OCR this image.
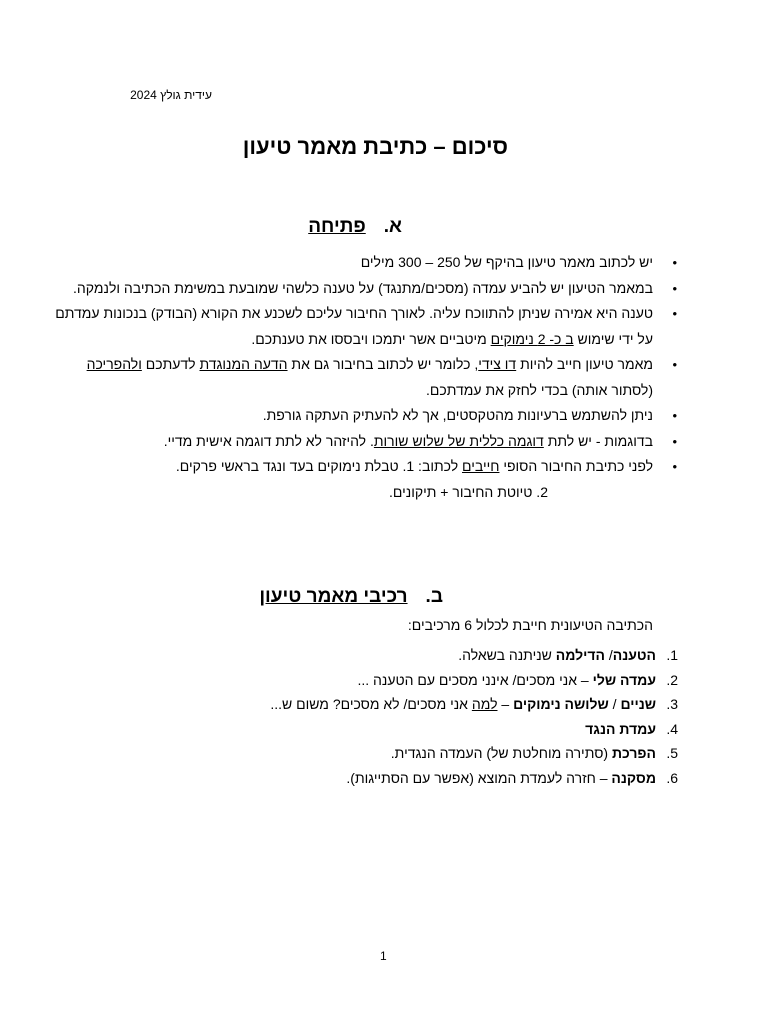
עידית גולץ 2024
סיכום – כתיבת מאמר טיעון
א.פתיחה
• יש לכתוב מאמר טיעון בהיקף של 250 – 300 מילים
• במאמר הטיעון יש להביע עמדה (מסכים/מתנגד) על טענה כלשהי שמובעת במשימת הכתיבה ולנמקה.
• טענה היא אמירה שניתן להתווכח עליה. לאורך החיבור עליכם לשכנע את הקורא (הבודק) בנכונות עמדתם על ידי שימוש ב כ- 2 נימוקים מיטביים אשר יתמכו ויבססו את טענתכם.
• מאמר טיעון חייב להיות דו צידי, כלומר יש לכתוב בחיבור גם את הדעה המנוגדת לדעתכם ולהפריכה (לסתור אותה) בכדי לחזק את עמדתכם.
• ניתן להשתמש ברעיונות מהטקסטים, אך לא להעתיק העתקה גורפת.
• בדוגמות - יש לתת דוגמה כללית של שלוש שורות. להיזהר לא לתת דוגמה אישית מדיי.
• לפני כתיבת החיבור הסופי חייבים לכתוב: 1. טבלת נימוקים בעד ונגד בראשי פרקים.
2. טיוטת החיבור + תיקונים.
ב.רכיבי מאמר טיעון
הכתיבה הטיעונית חייבת לכלול 6 מרכיבים:
1.
הטענה/ הדילמה שניתנה בשאלה.
2.
עמדה שלי – אני מסכים/ אינני מסכים עם הטענה ...
3.
שניים / שלושה נימוקים – למה אני מסכים/ לא מסכים? משום ש...
4.
עמדת הנגד
5.
הפרכת (סתירה מוחלטת של) העמדה הנגדית.
6.
מסקנה – חזרה לעמדת המוצא (אפשר עם הסתייגות).
1
